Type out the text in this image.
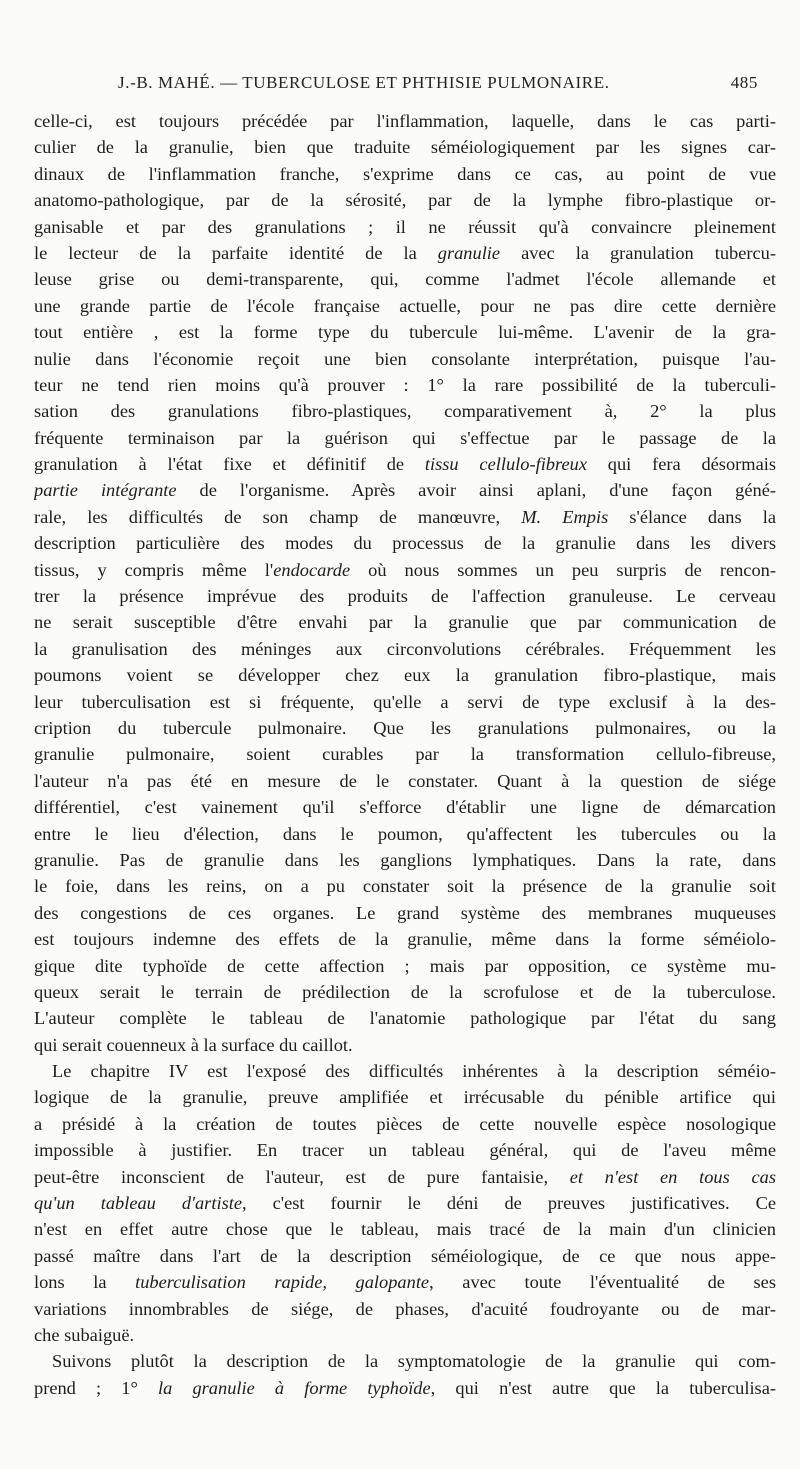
J.-B. MAHÉ. — TUBERCULOSE ET PHTHISIE PULMONAIRE.	485
celle-ci, est toujours précédée par l'inflammation, laquelle, dans le cas parti-
culier de la granulie, bien que traduite séméiologiquement par les signes car-
dinaux de l'inflammation franche, s'exprime dans ce cas, au point de vue
anatomo-pathologique, par de la sérosité, par de la lymphe fibro-plastique or-
ganisable et par des granulations ; il ne réussit qu'à convaincre pleinement
le lecteur de la parfaite identité de la granulie avec la granulation tubercu-
leuse grise ou demi-transparente, qui, comme l'admet l'école allemande et
une grande partie de l'école française actuelle, pour ne pas dire cette dernière
tout entière , est la forme type du tubercule lui-même. L'avenir de la gra-
nulie dans l'économie reçoit une bien consolante interprétation, puisque l'au-
teur ne tend rien moins qu'à prouver : 1° la rare possibilité de la tuberculi-
sation des granulations fibro-plastiques, comparativement à, 2° la plus
fréquente terminaison par la guérison qui s'effectue par le passage de la
granulation à l'état fixe et définitif de tissu cellulo-fibreux qui fera désormais
partie intégrante de l'organisme. Après avoir ainsi aplani, d'une façon géné-
rale, les difficultés de son champ de manœuvre, M. Empis s'élance dans la
description particulière des modes du processus de la granulie dans les divers
tissus, y compris même l'endocarde où nous sommes un peu surpris de rencon-
trer la présence imprévue des produits de l'affection granuleuse. Le cerveau
ne serait susceptible d'être envahi par la granulie que par communication de
la granulisation des méninges aux circonvolutions cérébrales. Fréquemment les
poumons voient se développer chez eux la granulation fibro-plastique, mais
leur tuberculisation est si fréquente, qu'elle a servi de type exclusif à la des-
cription du tubercule pulmonaire. Que les granulations pulmonaires, ou la
granulie pulmonaire, soient curables par la transformation cellulo-fibreuse,
l'auteur n'a pas été en mesure de le constater. Quant à la question de siége
différentiel, c'est vainement qu'il s'efforce d'établir une ligne de démarcation
entre le lieu d'élection, dans le poumon, qu'affectent les tubercules ou la
granulie. Pas de granulie dans les ganglions lymphatiques. Dans la rate, dans
le foie, dans les reins, on a pu constater soit la présence de la granulie soit
des congestions de ces organes. Le grand système des membranes muqueuses
est toujours indemne des effets de la granulie, même dans la forme séméiolo-
gique dite typhoïde de cette affection ; mais par opposition, ce système mu-
queux serait le terrain de prédilection de la scrofulose et de la tuberculose.
L'auteur complète le tableau de l'anatomie pathologique par l'état du sang
qui serait couenneux à la surface du caillot.
Le chapitre IV est l'exposé des difficultés inhérentes à la description séméio-
logique de la granulie, preuve amplifiée et irrécusable du pénible artifice qui
a présidé à la création de toutes pièces de cette nouvelle espèce nosologique
impossible à justifier. En tracer un tableau général, qui de l'aveu même
peut-être inconscient de l'auteur, est de pure fantaisie, et n'est en tous cas
qu'un tableau d'artiste, c'est fournir le déni de preuves justificatives. Ce
n'est en effet autre chose que le tableau, mais tracé de la main d'un clinicien
passé maître dans l'art de la description séméiologique, de ce que nous appe-
lons la tuberculisation rapide, galopante, avec toute l'éventualité de ses
variations innombrables de siége, de phases, d'acuité foudroyante ou de mar-
che subaiguë.
Suivons plutôt la description de la symptomatologie de la granulie qui com-
prend ; 1° la granulie à forme typhoïde, qui n'est autre que la tuberculisa-
